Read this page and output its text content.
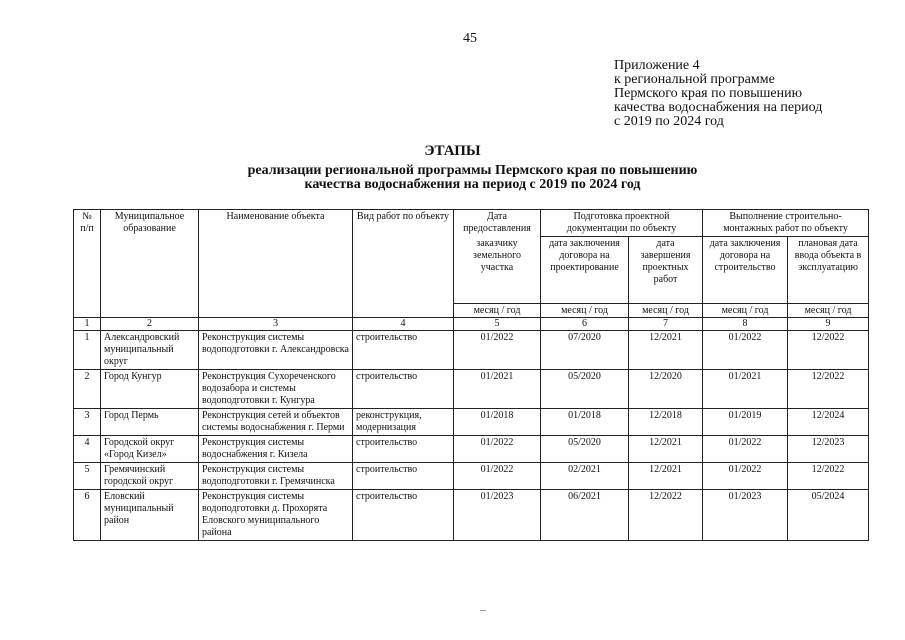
45
Приложение 4
к региональной программе
Пермского края по повышению
качества водоснабжения на период
с 2019 по 2024 год
ЭТАПЫ
реализации региональной программы Пермского края по повышению
качества водоснабжения на период с 2019 по 2024 год
№ п/п	Муниципальное образование	Наименование объекта	Вид работ по объекту	Дата предоставления	Подготовка проектной документации по объекту		Выполнение строительно-монтажных работ по объекту	
				заказчику земельного участка	дата заключения договора на проектирование	дата завершения проектных работ	дата заключения договора на строительство	плановая дата ввода объекта в эксплуатацию
				месяц / год	месяц / год	месяц / год	месяц / год	месяц / год
1	2	3	4	5	6	7	8	9
1	Александровский муниципальный округ	Реконструкция системы водоподготовки г. Александровска	строительство	01/2022	07/2020	12/2021	01/2022	12/2022
2	Город Кунгур	Реконструкция Сухореченского водозабора и системы водоподготовки г. Кунгура	строительство	01/2021	05/2020	12/2020	01/2021	12/2022
3	Город Пермь	Реконструкция сетей и объектов системы водоснабжения г. Перми	реконструкция, модернизация	01/2018	01/2018	12/2018	01/2019	12/2024
4	Городской округ «Город Кизел»	Реконструкция системы водоснабжения г. Кизела	строительство	01/2022	05/2020	12/2021	01/2022	12/2023
5	Гремячинский городской округ	Реконструкция системы водоподготовки г. Гремячинска	строительство	01/2022	02/2021	12/2021	01/2022	12/2022
6	Еловский муниципальный район	Реконструкция системы водоподготовки д. Прохорята Еловского муниципального района	строительство	01/2023	06/2021	12/2022	01/2023	05/2024
